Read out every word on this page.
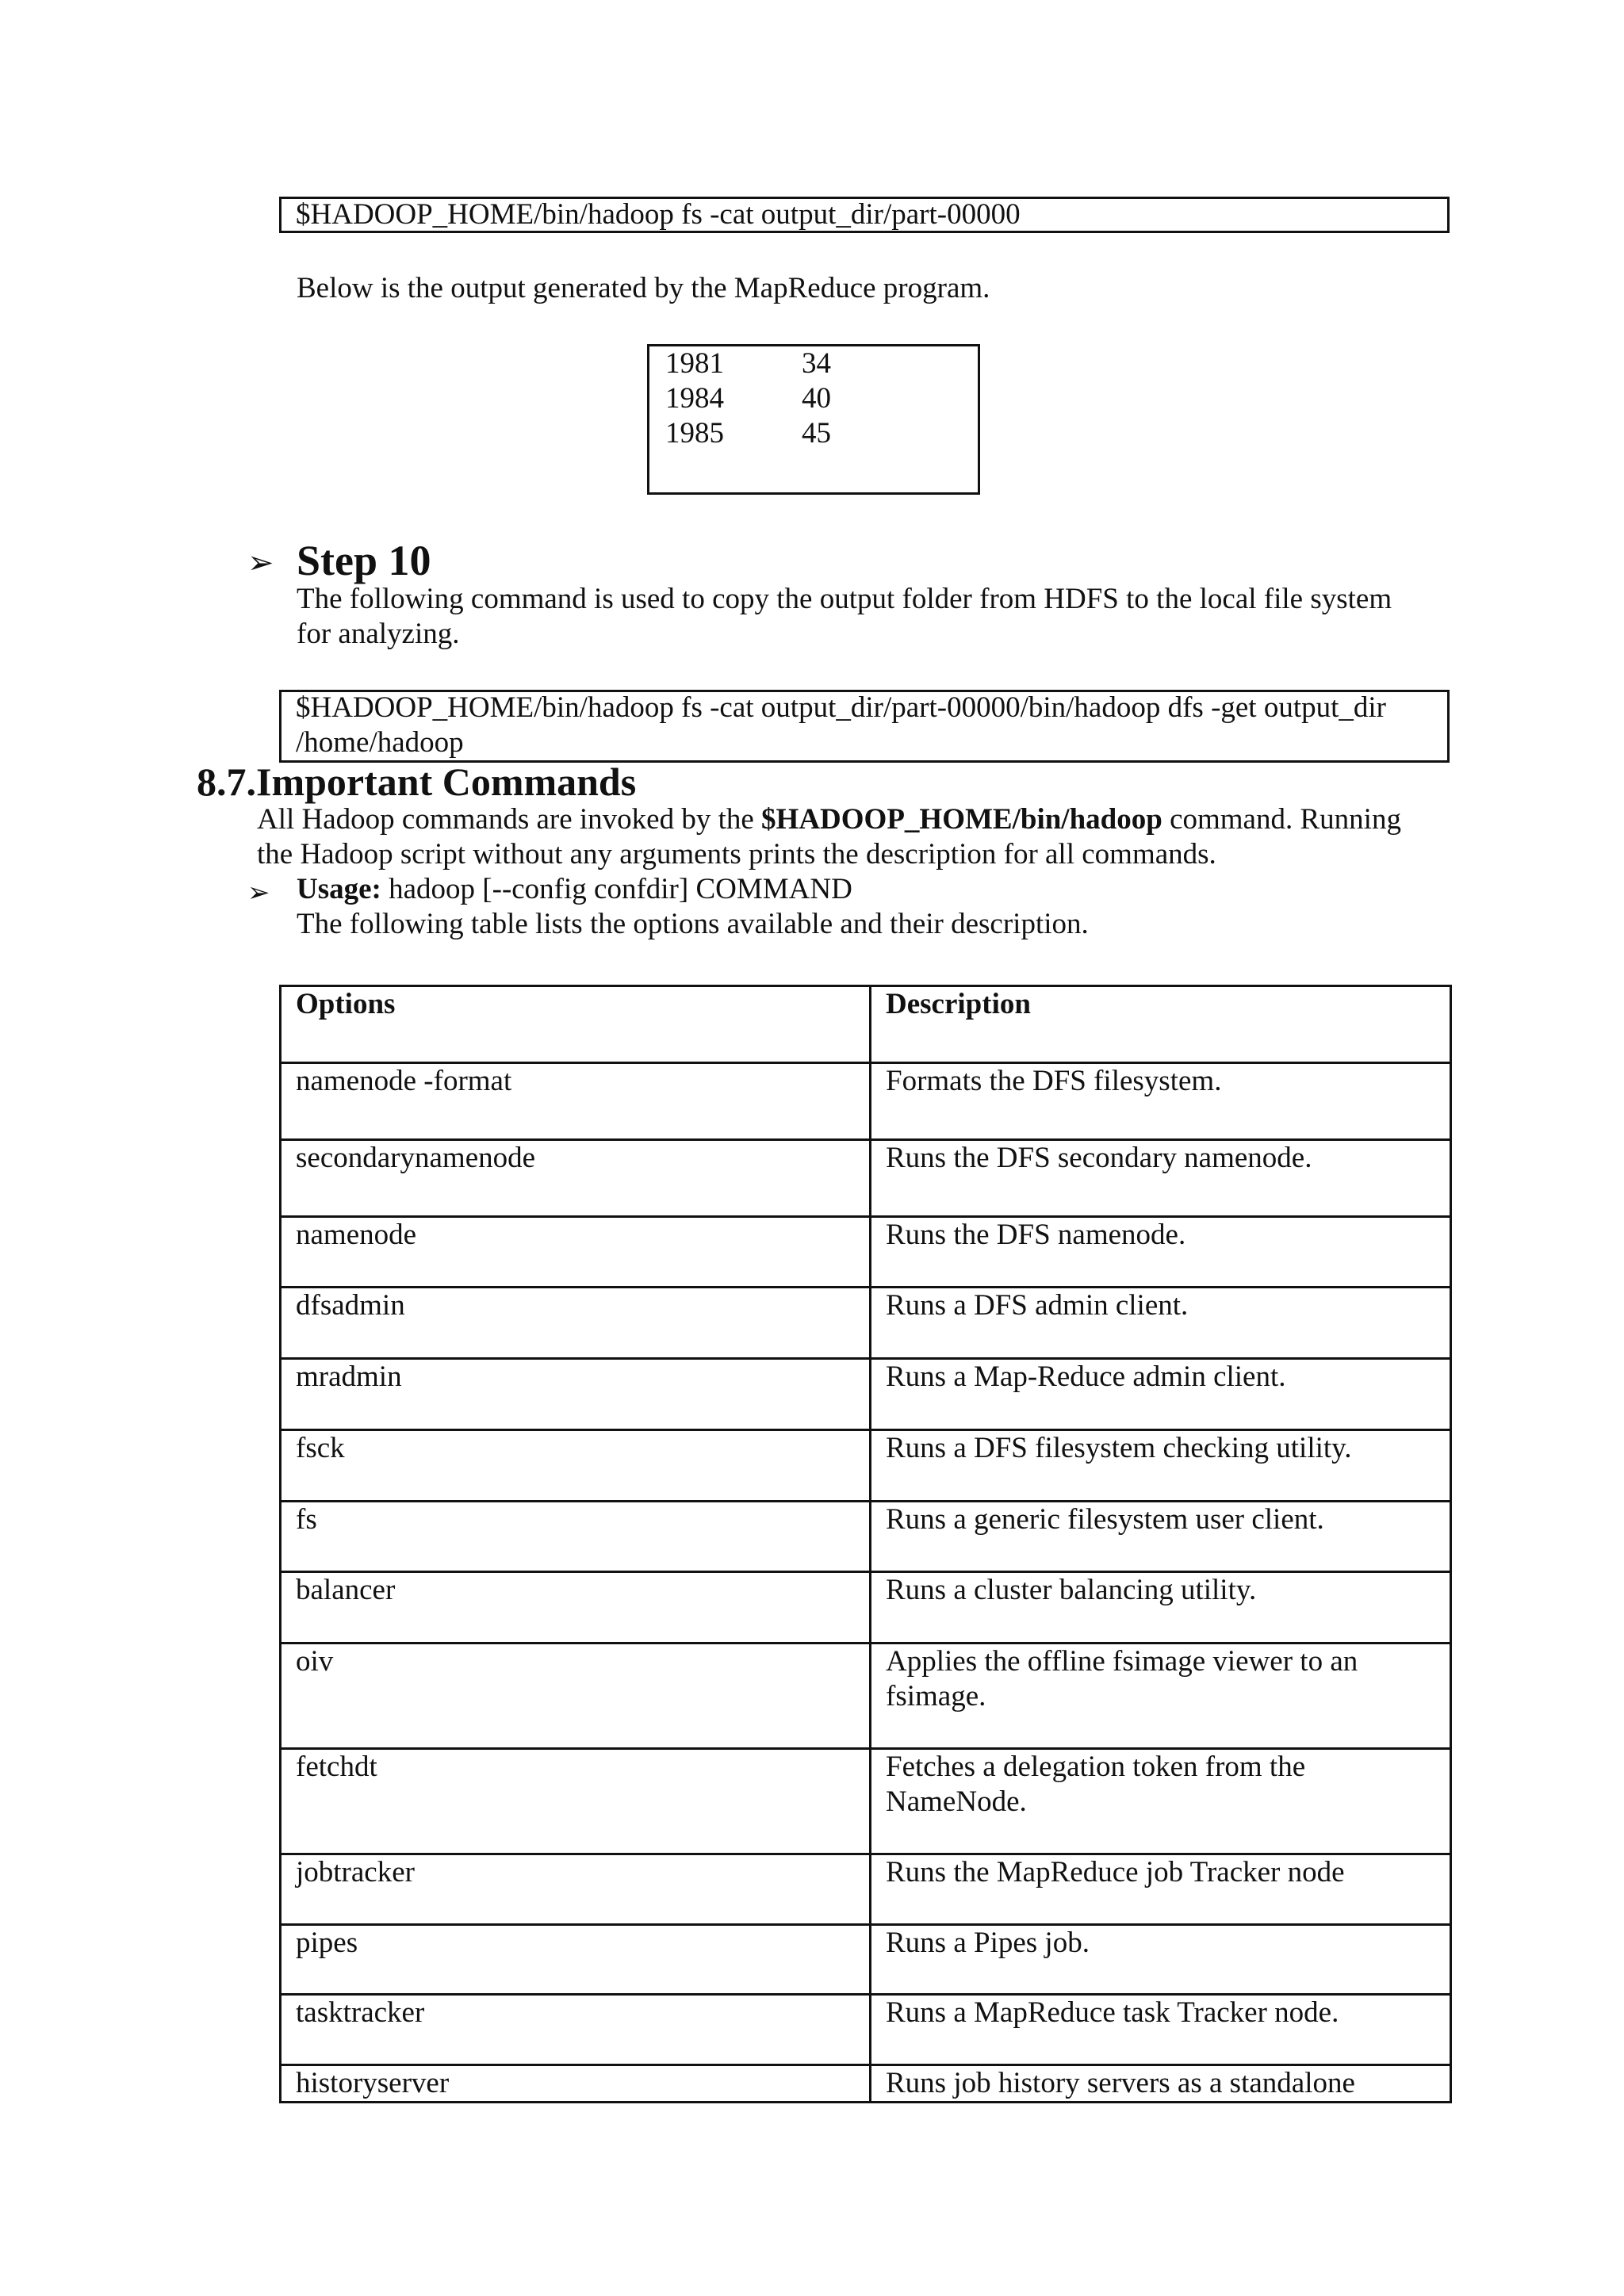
$HADOOP_HOME/bin/hadoop fs -cat output_dir/part-00000
Below is the output generated by the MapReduce program.
1981	34
1984	40
1985	45
➢ Step 10
The following command is used to copy the output folder from HDFS to the local file system
for analyzing.
$HADOOP_HOME/bin/hadoop fs -cat output_dir/part-00000/bin/hadoop dfs -get output_dir
/home/hadoop
8.7.Important Commands
All Hadoop commands are invoked by the $HADOOP_HOME/bin/hadoop command. Running
the Hadoop script without any arguments prints the description for all commands.
➢ Usage: hadoop [--config confdir] COMMAND
The following table lists the options available and their description.
Options	Description
namenode -format	Formats the DFS filesystem.
secondarynamenode	Runs the DFS secondary namenode.
namenode	Runs the DFS namenode.
dfsadmin	Runs a DFS admin client.
mradmin	Runs a Map-Reduce admin client.
fsck	Runs a DFS filesystem checking utility.
fs	Runs a generic filesystem user client.
balancer	Runs a cluster balancing utility.
oiv	Applies the offline fsimage viewer to an fsimage.
fetchdt	Fetches a delegation token from the NameNode.
jobtracker	Runs the MapReduce job Tracker node
pipes	Runs a Pipes job.
tasktracker	Runs a MapReduce task Tracker node.
historyserver	Runs job history servers as a standalone
